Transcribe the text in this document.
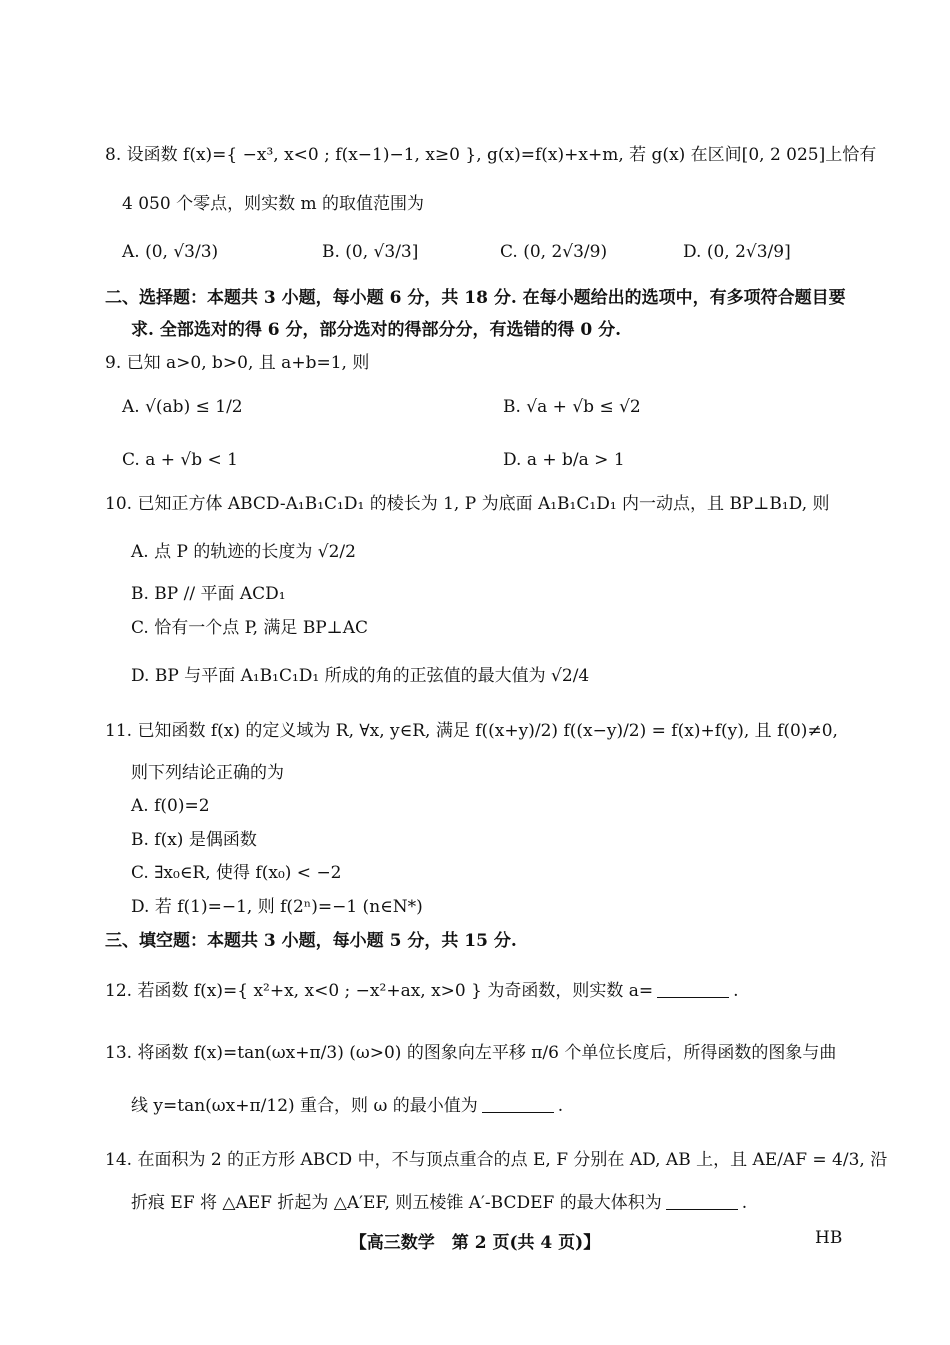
8. 设函数 f(x)={ −x³, x<0 ; f(x−1)−1, x≥0 }, g(x)=f(x)+x+m, 若 g(x) 在区间[0, 2 025]上恰有
4 050 个零点，则实数 m 的取值范围为
A. (0, √3/3)	B. (0, √3/3]	C. (0, 2√3/9)	D. (0, 2√3/9]
二、选择题：本题共 3 小题，每小题 6 分，共 18 分. 在每小题给出的选项中，有多项符合题目要
求. 全部选对的得 6 分，部分选对的得部分分，有选错的得 0 分.
9. 已知 a>0, b>0, 且 a+b=1, 则
A. √(ab) ≤ 1/2	B. √a + √b ≤ √2
C. a + √b < 1	D. a + b/a > 1
10. 已知正方体 ABCD-A₁B₁C₁D₁ 的棱长为 1, P 为底面 A₁B₁C₁D₁ 内一动点，且 BP⊥B₁D, 则
A. 点 P 的轨迹的长度为 √2/2
B. BP // 平面 ACD₁
C. 恰有一个点 P, 满足 BP⊥AC
D. BP 与平面 A₁B₁C₁D₁ 所成的角的正弦值的最大值为 √2/4
11. 已知函数 f(x) 的定义域为 R, ∀x, y∈R, 满足 f((x+y)/2) f((x−y)/2) = f(x)+f(y), 且 f(0)≠0,
则下列结论正确的为
A. f(0)=2
B. f(x) 是偶函数
C. ∃x₀∈R, 使得 f(x₀) < −2
D. 若 f(1)=−1, 则 f(2ⁿ)=−1 (n∈N*)
三、填空题：本题共 3 小题，每小题 5 分，共 15 分.
12. 若函数 f(x)={ x²+x, x<0 ; −x²+ax, x>0 } 为奇函数，则实数 a=	.
13. 将函数 f(x)=tan(ωx+π/3) (ω>0) 的图象向左平移 π/6 个单位长度后，所得函数的图象与曲
线 y=tan(ωx+π/12) 重合，则 ω 的最小值为	.
14. 在面积为 2 的正方形 ABCD 中，不与顶点重合的点 E, F 分别在 AD, AB 上，且 AE/AF = 4/3, 沿
折痕 EF 将 △AEF 折起为 △A′EF, 则五棱锥 A′-BCDEF 的最大体积为	.
【高三数学　第 2 页(共 4 页)】	HB
